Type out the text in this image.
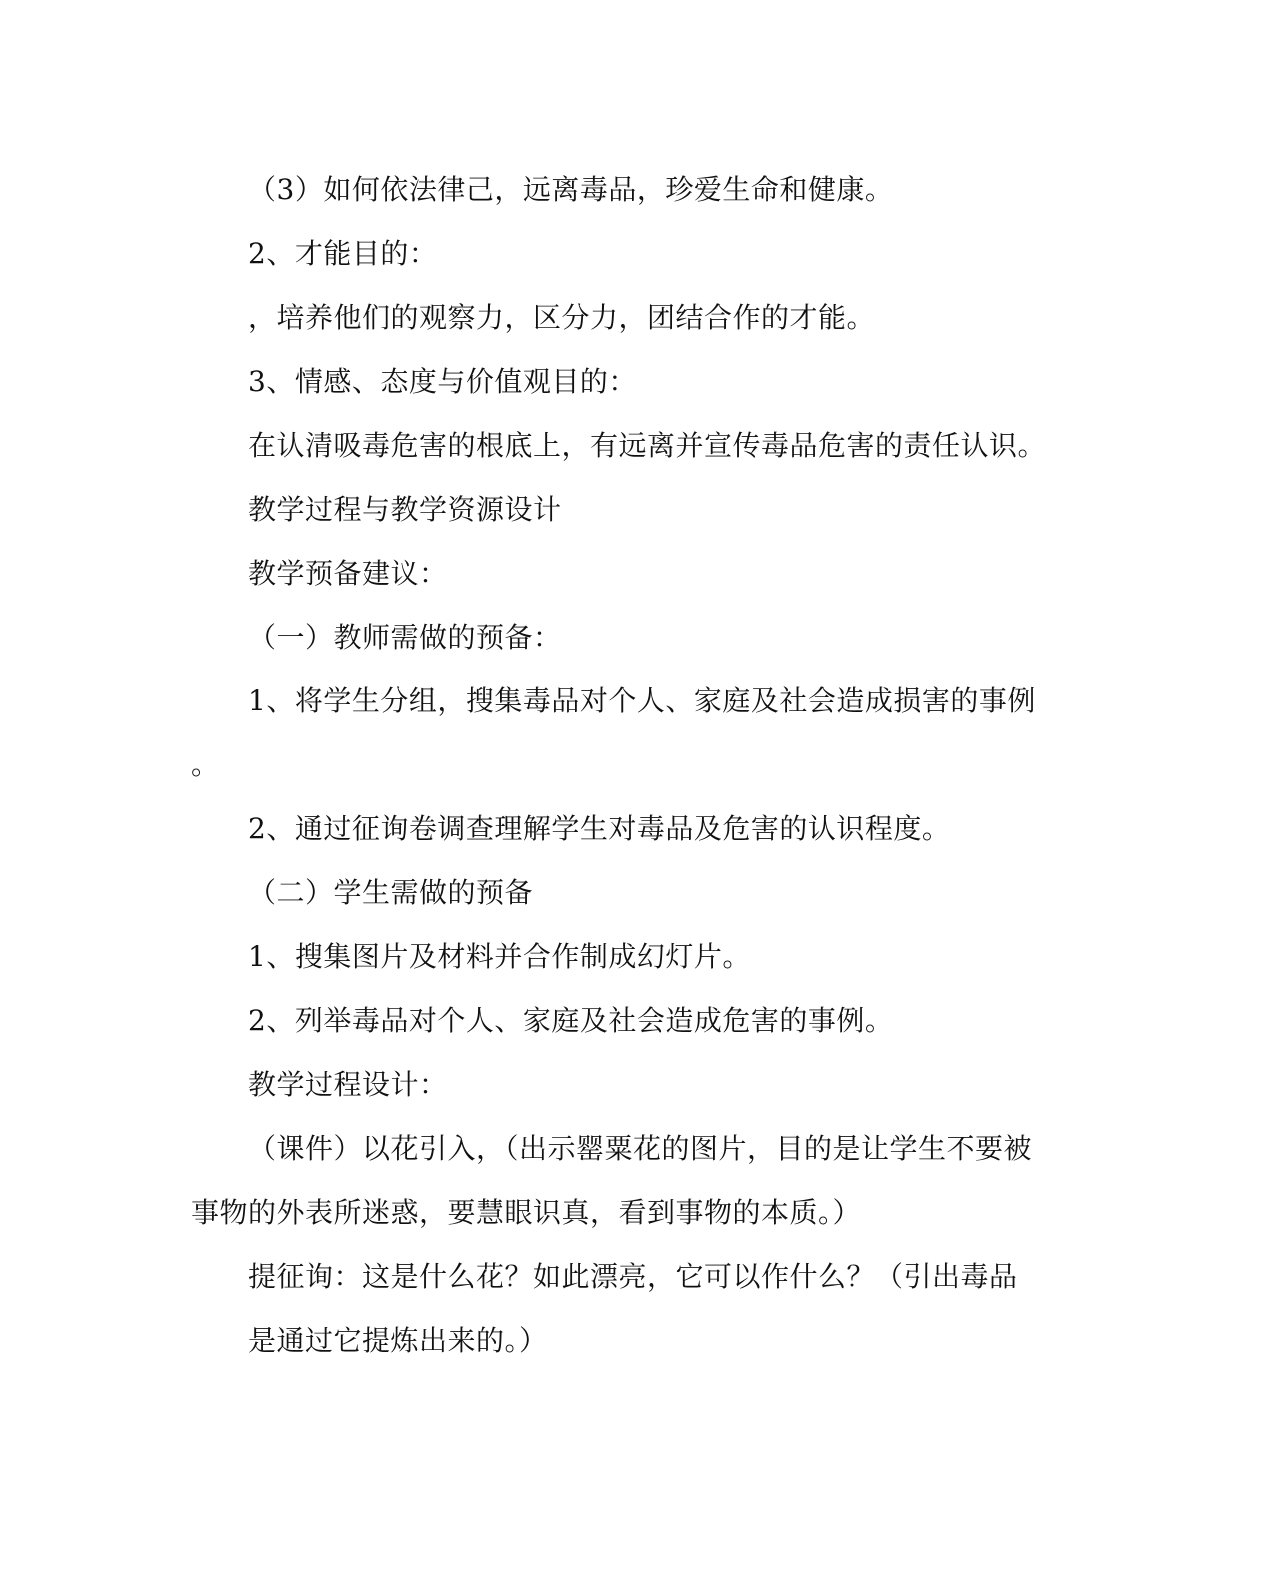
（3）如何依法律己，远离毒品，珍爱生命和健康。
2、才能目的：
，培养他们的观察力，区分力，团结合作的才能。
3、情感、态度与价值观目的：
在认清吸毒危害的根底上，有远离并宣传毒品危害的责任认识。
教学过程与教学资源设计
教学预备建议：
（一）教师需做的预备：
1、将学生分组，搜集毒品对个人、家庭及社会造成损害的事例
。
2、通过征询卷调查理解学生对毒品及危害的认识程度。
（二）学生需做的预备
1、搜集图片及材料并合作制成幻灯片。
2、列举毒品对个人、家庭及社会造成危害的事例。
教学过程设计：
（课件）以花引入，（出示罂粟花的图片，目的是让学生不要被
事物的外表所迷惑，要慧眼识真，看到事物的本质。）
提征询：这是什么花？如此漂亮，它可以作什么？（引出毒品
是通过它提炼出来的。）
